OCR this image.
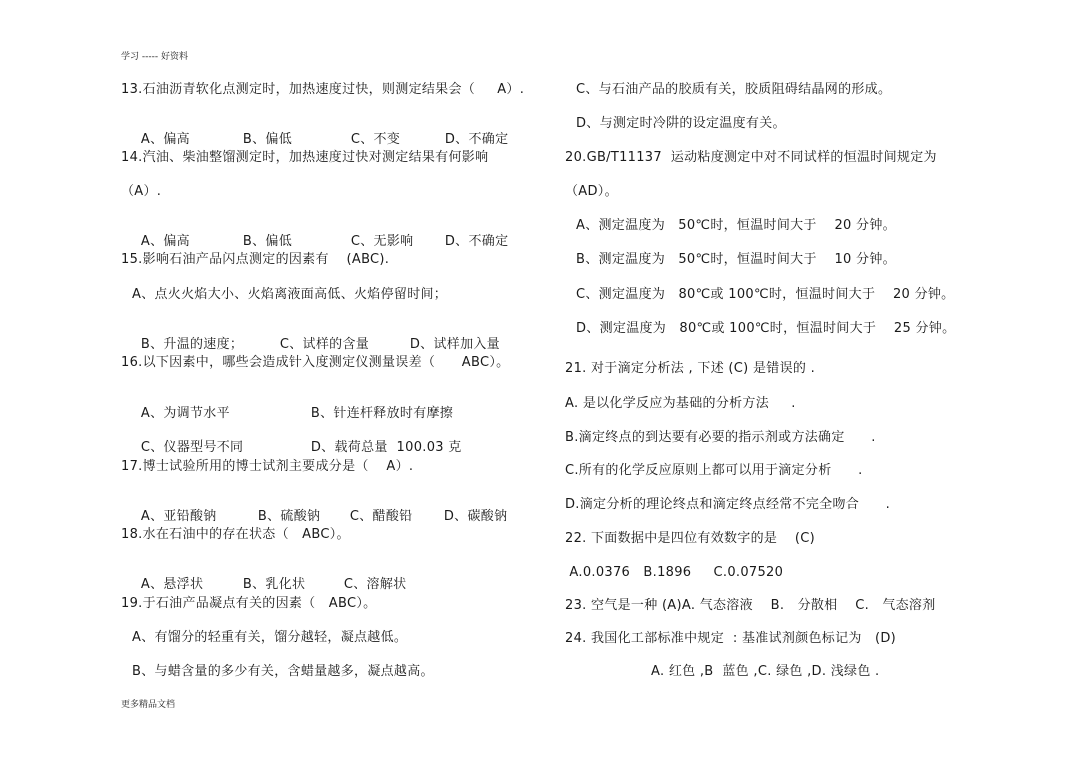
学习 ----- 好资料
13.石油沥青软化点测定时，加热速度过快，则测定结果会（     A）.

A、偏高	B、偏低	C、不变	D、不确定

14.汽油、柴油整馏测定时，加热速度过快对测定结果有何影响
（A）.

A、偏高	B、偏低	C、无影响 D、不确定

15.影响石油产品闪点测定的因素有    (ABC).
A、点火火焰大小、火焰离液面高低、火焰停留时间；

B、升温的速度；	C、试样的含量	D、试样加入量

16.以下因素中，哪些会造成针入度测定仪测量误差（      ABC）。

A、为调节水平	B、针连杆释放时有摩擦

C、仪器型号不同	D、载荷总量  100.03 克

17.博士试验所用的博士试剂主要成分是（    A）.

A、亚铅酸钠	B、硫酸钠 C、醋酸铅 D、碳酸钠

18.水在石油中的存在状态（   ABC）。

A、悬浮状	B、乳化状	C、溶解状

19.于石油产品凝点有关的因素（   ABC）。
A、有馏分的轻重有关，馏分越轻，凝点越低。
B、与蜡含量的多少有关，含蜡量越多，凝点越高。
C、与石油产品的胶质有关，胶质阻碍结晶网的形成。
D、与测定时冷阱的设定温度有关。
20.GB/T11137  运动粘度测定中对不同试样的恒温时间规定为
（AD）。
A、测定温度为   50℃时，恒温时间大于    20 分钟。
B、测定温度为   50℃时，恒温时间大于    10 分钟。
C、测定温度为   80℃或 100℃时，恒温时间大于    20 分钟。
D、测定温度为   80℃或 100℃时，恒温时间大于    25 分钟。
21. 对于滴定分析法 , 下述 (C) 是错误的 .
A. 是以化学反应为基础的分析方法     .
B.滴定终点的到达要有必要的指示剂或方法确定      .
C.所有的化学反应原则上都可以用于滴定分析      .
D.滴定分析的理论终点和滴定终点经常不完全吻合      .
22. 下面数据中是四位有效数字的是    (C)
A.0.0376   B.1896     C.0.07520
23. 空气是一种 (A)A. 气态溶液    B.   分散相    C.   气态溶剂
24. 我国化工部标准中规定  : 基准试剂颜色标记为   (D)
A. 红色 ,B  蓝色 ,C. 绿色 ,D. 浅绿色 .
更多精品文档
